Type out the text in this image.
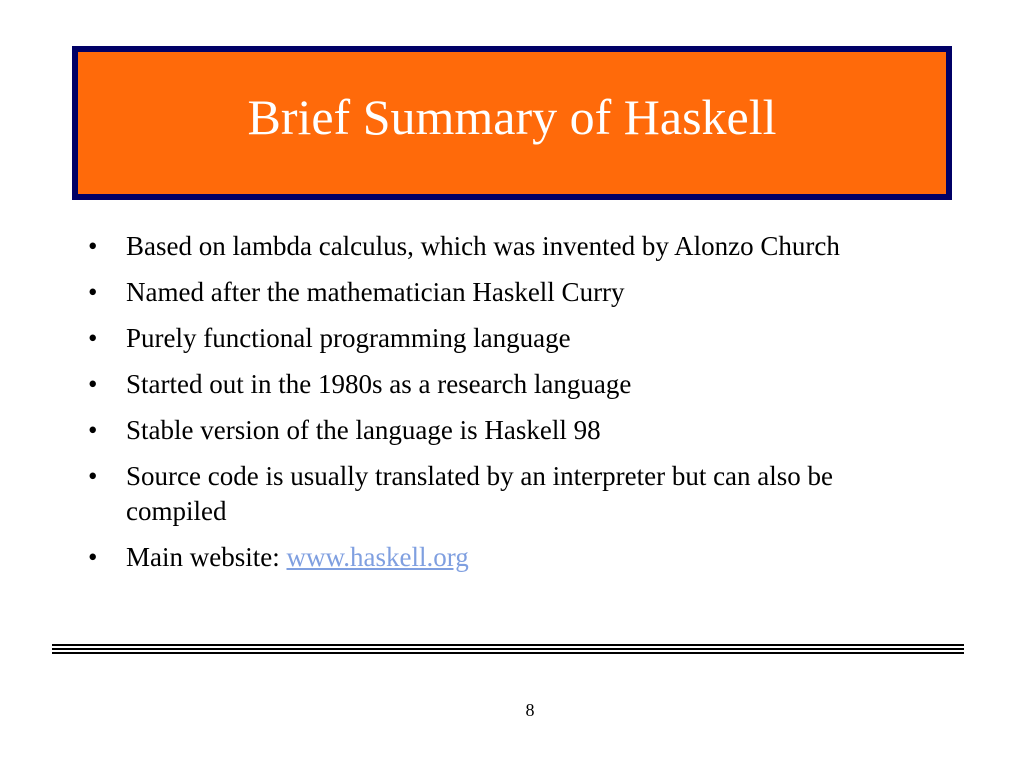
Brief Summary of Haskell
• Based on lambda calculus, which was invented by Alonzo Church
• Named after the mathematician Haskell Curry
• Purely functional programming language
• Started out in the 1980s as a research language
• Stable version of the language is Haskell 98
• Source code is usually translated by an interpreter but can also be compiled
• Main website: www.haskell.org
8
